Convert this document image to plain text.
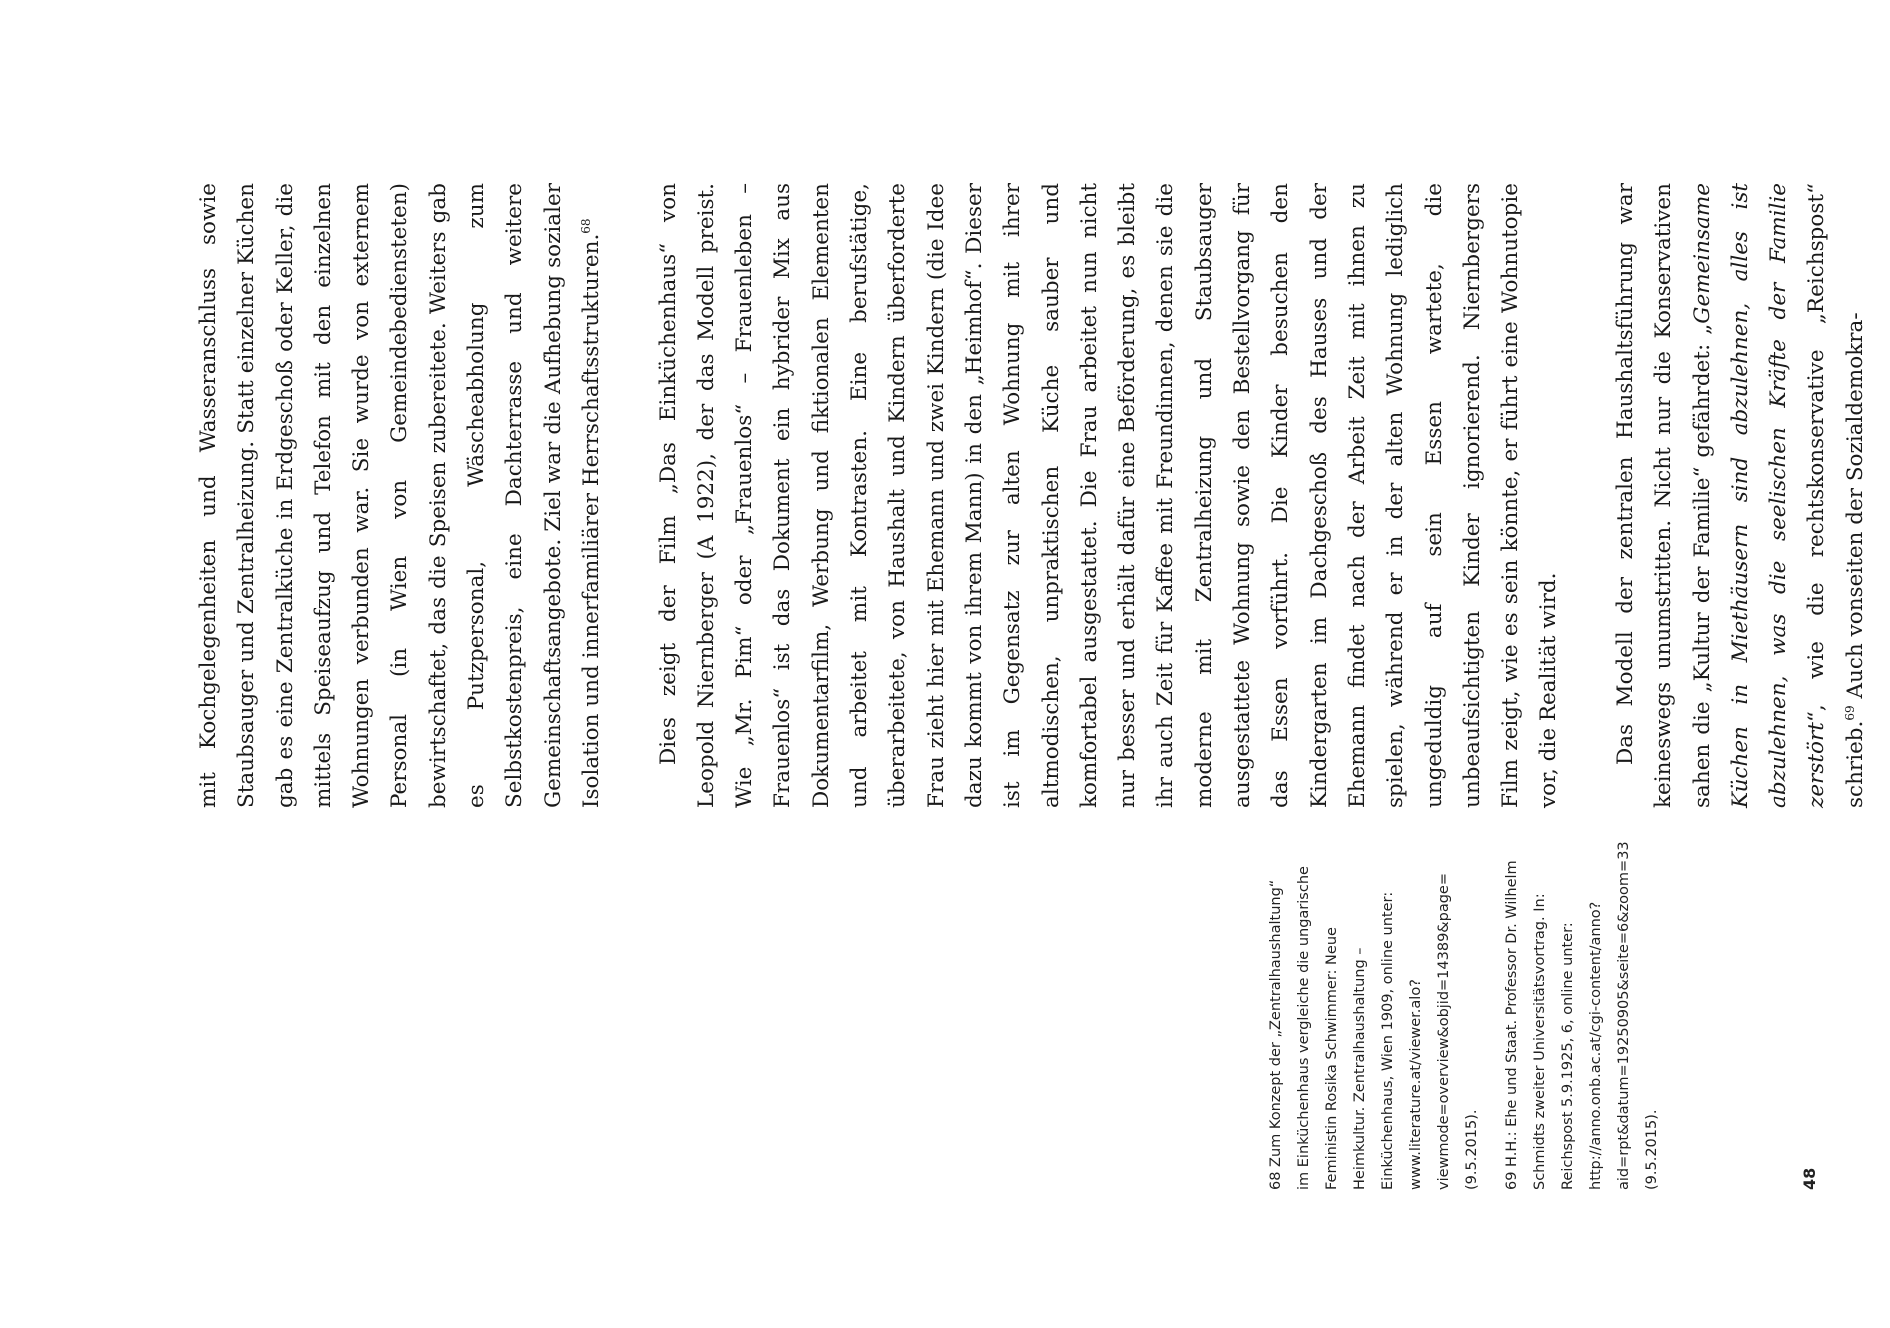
mit Kochgelegenheiten und Wasseranschluss sowie Staubsauger und Zentralheizung. Statt einzelner Küchen gab es eine Zentralküche in Erdgeschoß oder Keller, die mittels Speiseaufzug und Telefon mit den einzelnen Wohnungen verbunden war. Sie wurde von externem Personal (in Wien von Gemeindebediensteten) bewirtschaftet, das die Speisen zubereitete. Weiters gab es Putzpersonal, Wäscheabholung zum Selbstkostenpreis, eine Dachterrasse und weitere Gemeinschaftsangebote. Ziel war die Aufhebung sozialer Isolation und innerfamiliärer Herrschaftsstrukturen.$^{68}$	Dies zeigt der Film „Das Einküchenhaus“ von Leopold Niernberger (A 1922), der das Modell preist. Wie „Mr. Pim“ oder „Frauenlos“ – Frauenleben – Frauenlos“ ist das Dokument ein hybrider Mix aus Dokumentarfilm, Werbung und fiktionalen Elementen und arbeitet mit Kontrasten. Eine berufstätige, überarbeitete, von Haushalt und Kindern überforderte Frau zieht hier mit Ehemann und zwei Kindern (die Idee dazu kommt von ihrem Mann) in den „Heimhof“. Dieser ist im Gegensatz zur alten Wohnung mit ihrer altmodischen, unpraktischen Küche sauber und komfortabel ausgestattet. Die Frau arbeitet nun nicht nur besser und erhält dafür eine Beförderung, es bleibt ihr auch Zeit für Kaffee mit Freundinnen, denen sie die moderne mit Zentralheizung und Staubsauger ausgestattete Wohnung sowie den Bestellvorgang für das Essen vorführt. Die Kinder besuchen den Kindergarten im Dachgeschoß des Hauses und der Ehemann findet nach der Arbeit Zeit mit ihnen zu spielen, während er in der alten Wohnung lediglich ungeduldig auf sein Essen wartete, die unbeaufsichtigten Kinder ignorierend. Niernbergers Film zeigt, wie es sein könnte, er führt eine Wohnutopie vor, die Realität wird.	Das Modell der zentralen Haushaltsführung war keineswegs unumstritten. Nicht nur die Konservativen sahen die „Kultur der Familie“ gefährdet: „Gemeinsame Küchen in Miethäusern sind abzulehnen, alles ist abzulehnen, was die seelischen Kräfte der Familie zerstört“, wie die rechtskonservative „Reichspost“ schrieb.$^{69}$ Auch vonseiten der Sozialdemokra-

68 Zum Konzept der „Zentralhaushaltung“ im Einküchenhaus vergleiche die ungarische Feministin Rosika Schwimmer: Neue Heimkultur. Zentralhaushaltung – Einküchenhaus, Wien 1909, online unter: www.literature.at/viewer.alo?viewmode=overview&objid=14389&page= (9.5.2015).	69 H.H.: Ehe und Staat. Professor Dr. Wilhelm Schmidts zweiter Universitätsvortrag. In: Reichspost 5.9.1925, 6, online unter: http://anno.onb.ac.at/cgi-content/anno?aid=rpt&datum=19250905&seite=6&zoom=33 (9.5.2015).	48
